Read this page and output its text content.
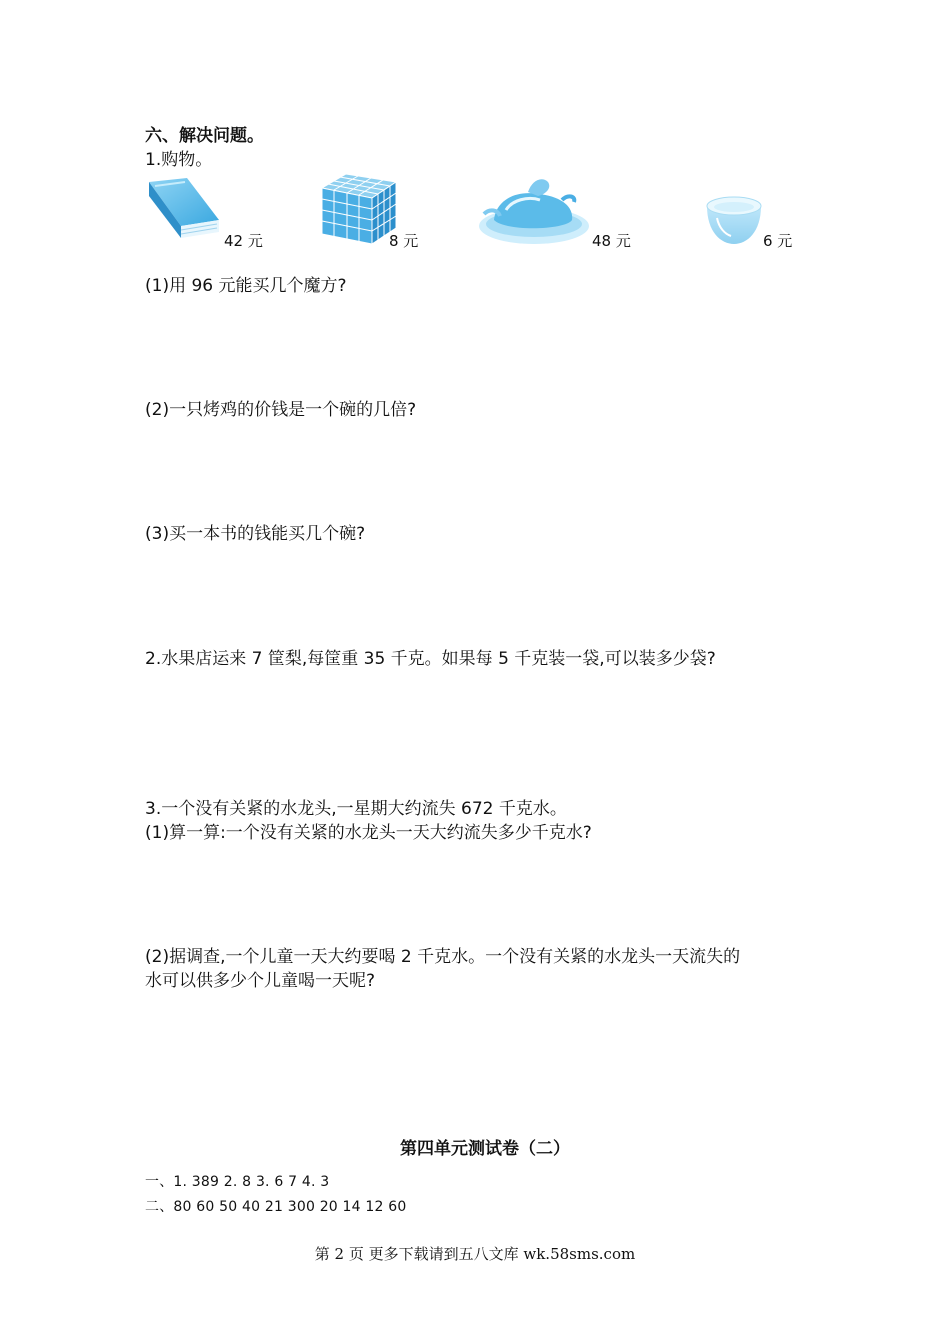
六、解决问题。
1.购物。
42 元	8 元	48 元	6 元
(1)用 96 元能买几个魔方?
(2)一只烤鸡的价钱是一个碗的几倍?
(3)买一本书的钱能买几个碗?
2.水果店运来 7 筐梨,每筐重 35 千克。如果每 5 千克装一袋,可以装多少袋?
3.一个没有关紧的水龙头,一星期大约流失 672 千克水。
(1)算一算:一个没有关紧的水龙头一天大约流失多少千克水?
(2)据调查,一个儿童一天大约要喝 2 千克水。一个没有关紧的水龙头一天流失的
水可以供多少个儿童喝一天呢?
第四单元测试卷（二）
一、1. 389 2. 8 3. 6 7 4. 3
二、80 60 50 40 21 300 20 14 12 60
第 2 页 更多下载请到五八文库 wk.58sms.com
